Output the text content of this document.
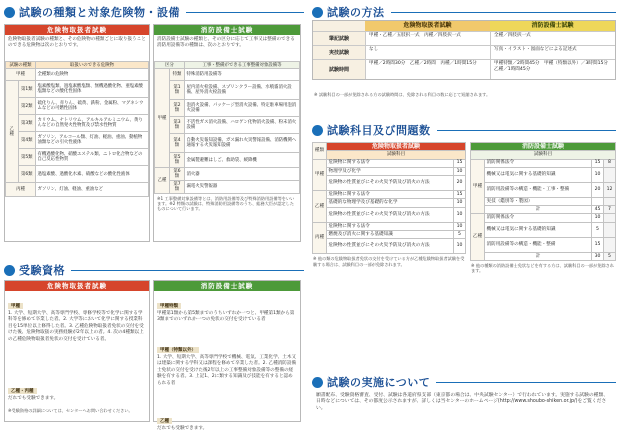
試験の種類と対象危険物・設備
危険物取扱者試験
危険物取扱者試験の種類と、その危険物の種類ごとに取り扱うことのできる危険物は次のとおりです。
試験の種類		取扱いのできる危険物
甲種		全種類の危険物
乙種	第1類	塩素酸塩類、過塩素酸塩類、無機過酸化物、亜塩素酸塩類などの酸化性固体
	第2類	硫化りん、赤りん、硫黄、鉄粉、金属粉、マグネシウムなどの可燃性固体
	第3類	カリウム、ナトリウム、アルキルアルミニウム、黄りんなどの自然発火性物質及び禁水性物質
	第4類	ガソリン、アルコール類、灯油、軽油、重油、動植物油類などの引火性液体
	第5類	有機過酸化物、硝酸エステル類、ニトロ化合物などの自己反応性物質
	第6類	過塩素酸、過酸化水素、硝酸などの酸化性液体
丙種		ガソリン、灯油、軽油、重油など
消防設備士試験
消防設備士試験の種類と、その区分に応じて工事又は整備のできる消防用設備等の種類は、次のとおりです。
区分		工事・整備ができる工事整備対象設備等
甲種	特類	特殊消防用設備等
	第1類	屋内消火栓設備、スプリンクラー設備、水噴霧消火設備、屋外消火栓設備
	第2類	泡消火設備、パッケージ型消火設備、特定駐車場用泡消火設備
	第3類	不活性ガス消火設備、ハロゲン化物消火設備、粉末消火設備
	第4類	自動火災報知設備、ガス漏れ火災警報設備、消防機関へ通報する火災報知設備
	第5類	金属製避難はしご、救助袋、緩降機
乙種	第6類	消火器
	第7類	漏電火災警報器
※1 工事整備対象設備等とは、消防用設備等及び特殊消防用設備等をいいます。※2 特類の試験は、特殊消防用設備等のうち、総務大臣が認定したものについて行います。
受験資格
危険物取扱者試験
甲種
1. 大学、短期大学、高等専門学校、専修学校等で化学に関する学科等を修めて卒業した者。2. 大学等において化学に関する授業科目を15単位以上修得した者。3. 乙種危険物取扱者免状の交付を受けた後、危険物取扱の実務経験が2年以上の者。4. 次の4種類以上の乙種危険物取扱者免状の交付を受けている者。
乙種・丙種
だれでも受験できます。
※受験資格の詳細については、センターへお問い合わせください。
消防設備士試験
甲種特類
甲種第1類から第5類までのうちいずれか一つと、甲種第1類から第3類までのいずれか一つの免状の交付を受けている者
甲種（特類以外）
1. 大学、短期大学、高等専門学校で機械、電気、工業化学、土木又は建築に関する学科又は課程を修めて卒業した者。2. 乙種消防設備士免状の交付を受けた後2年以上の工事整備対象設備等の整備の経験を有する者。3. 上記1、2に類する知識及び技能を有すると認められる者
乙種
だれでも受験できます。
試験の方法
危険物取扱者試験	消防設備士試験
筆記試験
甲種・乙種／五肢択一式　丙種／四肢択一式	全種／四肢択一式
実技試験
なし	写真・イラスト・図面などによる記述式
試験時間
甲種／2時間30分　乙種／2時間　丙種／1時間15分	甲種特類／2時間45分　甲種（特類以外）／3時間15分　乙種／1時間45分
※ 試験科目の一部が免除される方の試験時間は、免除される科目の数に応じて短縮されます。
試験科目及び問題数
種類	危険物取扱者試験	
	試験科目	
甲種	危険物に関する法令	15
	物理学及び化学	10
	危険物の性質並びにその火災予防及び消火の方法	20
乙種	危険物に関する法令	15
	基礎的な物理学及び基礎的な化学	10
	危険物の性質並びにその火災予防及び消火の方法	10
丙種	危険物に関する法令	10
	燃焼及び消火に関する基礎知識	5
	危険物の性質並びにその火災予防及び消火の方法	10
※ 他の類の危険物取扱者免状の交付を受けている方が乙種危険物取扱者試験を受験する場合は、試験科目の一部が免除されます。
消防設備士試験			
試験科目			
甲種	消防関係法令	15	8
	機械又は電気に関する基礎的知識	10	
	消防用設備等の構造・機能・工事・整備	20	12
	実技（鑑別等・製図）		
	計	45	7
乙種	消防関係法令	10	
	機械又は電気に関する基礎的知識	5	
	消防用設備等の構造・機能・整備	15	
	計	30	5
※ 他の種類の消防設備士免状などを有する方は、試験科目の一部が免除されます。
試験の実施について
願書配布、受験資格審査、受付、試験は各道府県支部（東京都の場合は、中央試験センター）で行われています。実施する試験の種類、日時などについては、その都度公示されますが、詳しくは当センターのホームページ(http://www.shoubo-shiken.or.jp/)をご覧ください。
